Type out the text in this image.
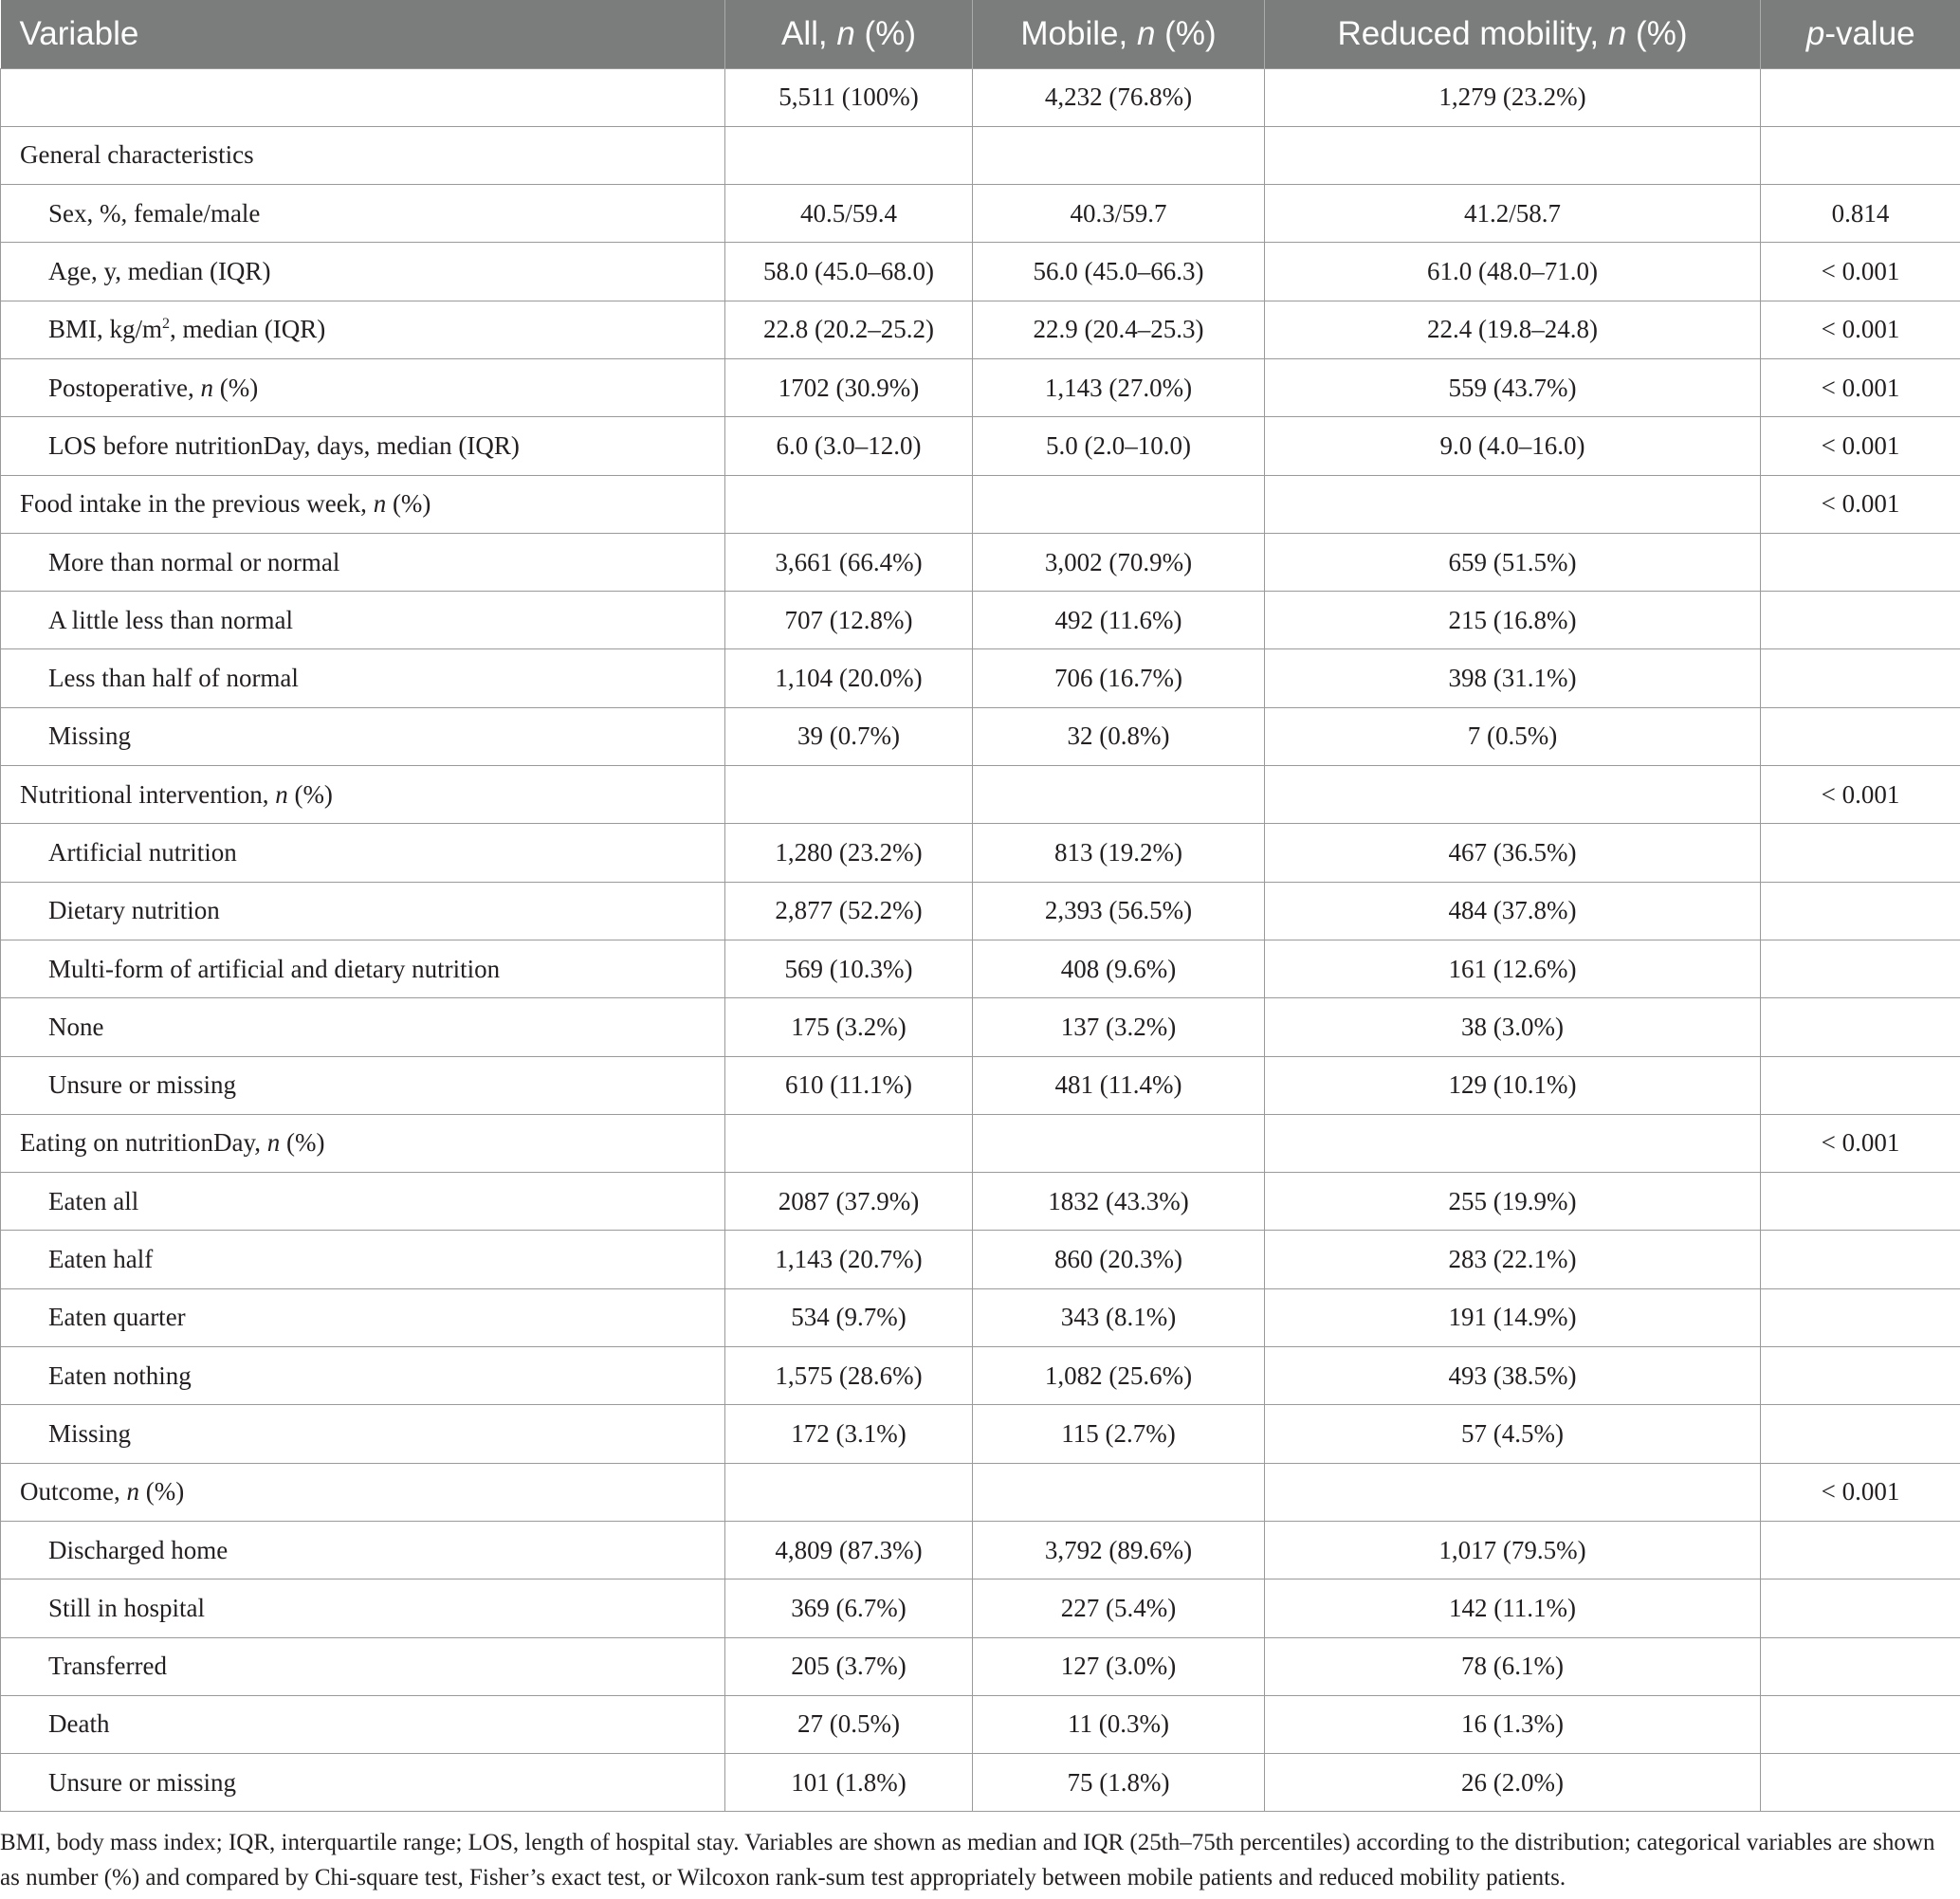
Variable	All, n (%)	Mobile, n (%)	Reduced mobility, n (%)	p-value
	5,511 (100%)	4,232 (76.8%)	1,279 (23.2%)	
General characteristics				
Sex, %, female/male	40.5/59.4	40.3/59.7	41.2/58.7	0.814
Age, y, median (IQR)	58.0 (45.0–68.0)	56.0 (45.0–66.3)	61.0 (48.0–71.0)	< 0.001
BMI, $kg/m^2$, median (IQR)	22.8 (20.2–25.2)	22.9 (20.4–25.3)	22.4 (19.8–24.8)	< 0.001
Postoperative, n (%)	1702 (30.9%)	1,143 (27.0%)	559 (43.7%)	< 0.001
LOS before nutritionDay, days, median (IQR)	6.0 (3.0–12.0)	5.0 (2.0–10.0)	9.0 (4.0–16.0)	< 0.001
Food intake in the previous week, n (%)				< 0.001
More than normal or normal	3,661 (66.4%)	3,002 (70.9%)	659 (51.5%)	
A little less than normal	707 (12.8%)	492 (11.6%)	215 (16.8%)	
Less than half of normal	1,104 (20.0%)	706 (16.7%)	398 (31.1%)	
Missing	39 (0.7%)	32 (0.8%)	7 (0.5%)	
Nutritional intervention, n (%)				< 0.001
Artificial nutrition	1,280 (23.2%)	813 (19.2%)	467 (36.5%)	
Dietary nutrition	2,877 (52.2%)	2,393 (56.5%)	484 (37.8%)	
Multi-form of artificial and dietary nutrition	569 (10.3%)	408 (9.6%)	161 (12.6%)	
None	175 (3.2%)	137 (3.2%)	38 (3.0%)	
Unsure or missing	610 (11.1%)	481 (11.4%)	129 (10.1%)	
Eating on nutritionDay, n (%)				< 0.001
Eaten all	2087 (37.9%)	1832 (43.3%)	255 (19.9%)	
Eaten half	1,143 (20.7%)	860 (20.3%)	283 (22.1%)	
Eaten quarter	534 (9.7%)	343 (8.1%)	191 (14.9%)	
Eaten nothing	1,575 (28.6%)	1,082 (25.6%)	493 (38.5%)	
Missing	172 (3.1%)	115 (2.7%)	57 (4.5%)	
Outcome, n (%)				< 0.001
Discharged home	4,809 (87.3%)	3,792 (89.6%)	1,017 (79.5%)	
Still in hospital	369 (6.7%)	227 (5.4%)	142 (11.1%)	
Transferred	205 (3.7%)	127 (3.0%)	78 (6.1%)	
Death	27 (0.5%)	11 (0.3%)	16 (1.3%)	
Unsure or missing	101 (1.8%)	75 (1.8%)	26 (2.0%)	

BMI, body mass index; IQR, interquartile range; LOS, length of hospital stay. Variables are shown as median and IQR (25th–75th percentiles) according to the distribution; categorical variables are shown as number (%) and compared by Chi-square test, Fisher’s exact test, or Wilcoxon rank-sum test appropriately between mobile patients and reduced mobility patients.
